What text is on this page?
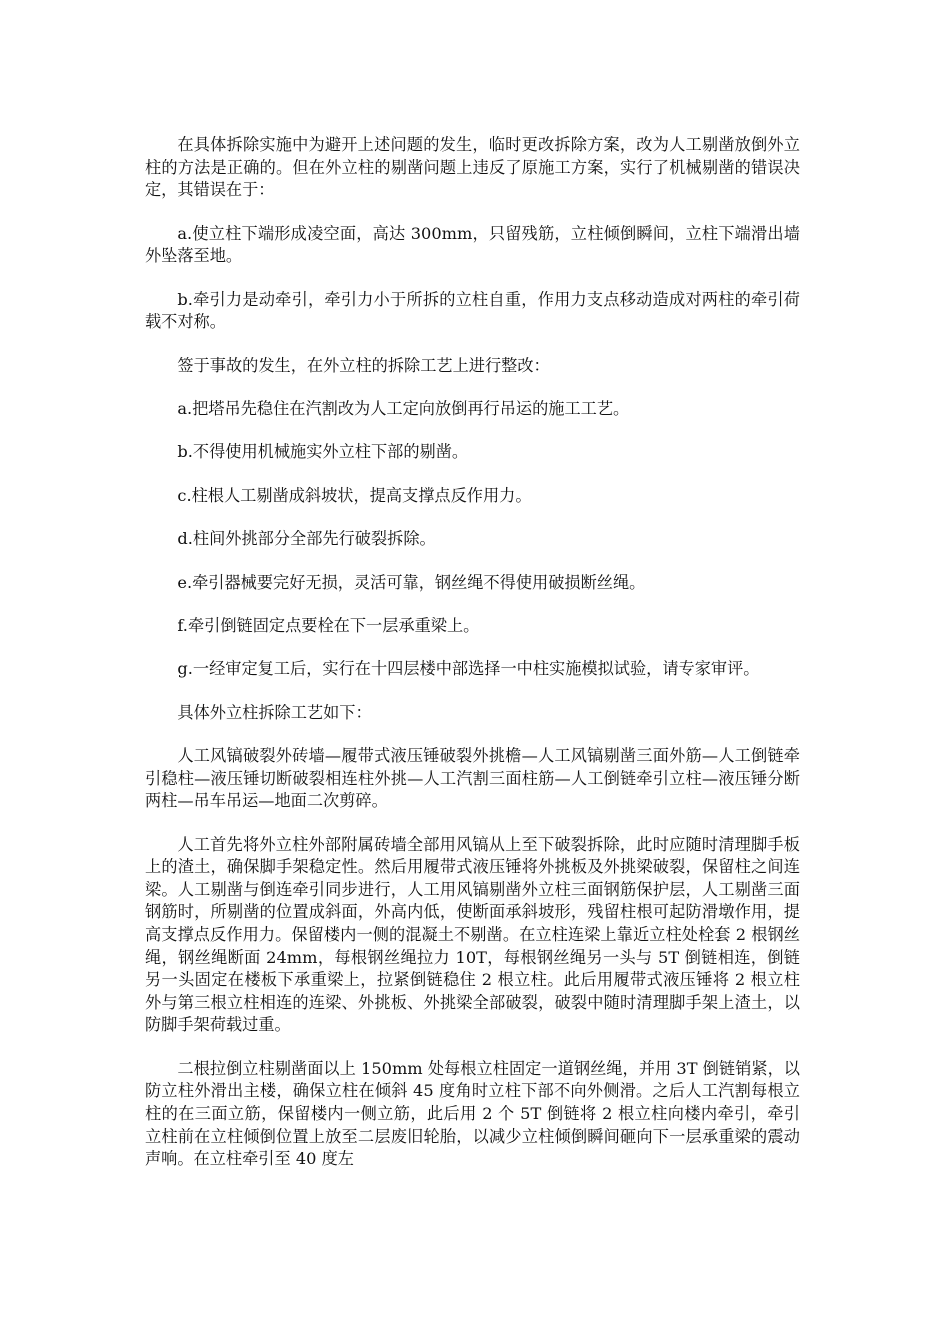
在具体拆除实施中为避开上述问题的发生，临时更改拆除方案，改为人工剔凿放倒外立柱的方法是正确的。但在外立柱的剔凿问题上违反了原施工方案，实行了机械剔凿的错误决定，其错误在于：

a.使立柱下端形成凌空面，高达 300mm，只留残筋，立柱倾倒瞬间，立柱下端滑出墙外坠落至地。

b.牵引力是动牵引，牵引力小于所拆的立柱自重，作用力支点移动造成对两柱的牵引荷载不对称。

签于事故的发生，在外立柱的拆除工艺上进行整改：

a.把塔吊先稳住在汽割改为人工定向放倒再行吊运的施工工艺。

b.不得使用机械施实外立柱下部的剔凿。

c.柱根人工剔凿成斜坡状，提高支撑点反作用力。

d.柱间外挑部分全部先行破裂拆除。

e.牵引器械要完好无损，灵活可靠，钢丝绳不得使用破损断丝绳。

f.牵引倒链固定点要栓在下一层承重梁上。

g.一经审定复工后，实行在十四层楼中部选择一中柱实施模拟试验，请专家审评。

具体外立柱拆除工艺如下：

人工风镐破裂外砖墙—履带式液压锤破裂外挑檐—人工风镐剔凿三面外筋—人工倒链牵引稳柱—液压锤切断破裂相连柱外挑—人工汽割三面柱筋—人工倒链牵引立柱—液压锤分断两柱—吊车吊运—地面二次剪碎。

人工首先将外立柱外部附属砖墙全部用风镐从上至下破裂拆除，此时应随时清理脚手板上的渣土，确保脚手架稳定性。然后用履带式液压锤将外挑板及外挑梁破裂，保留柱之间连梁。人工剔凿与倒连牵引同步进行，人工用风镐剔凿外立柱三面钢筋保护层，人工剔凿三面钢筋时，所剔凿的位置成斜面，外高内低，使断面承斜坡形，残留柱根可起防滑墩作用，提高支撑点反作用力。保留楼内一侧的混凝土不剔凿。在立柱连梁上靠近立柱处栓套 2 根钢丝绳，钢丝绳断面 24mm，每根钢丝绳拉力 10T，每根钢丝绳另一头与 5T 倒链相连，倒链另一头固定在楼板下承重梁上，拉紧倒链稳住 2 根立柱。此后用履带式液压锤将 2 根立柱外与第三根立柱相连的连梁、外挑板、外挑梁全部破裂，破裂中随时清理脚手架上渣土，以防脚手架荷载过重。

二根拉倒立柱剔凿面以上 150mm 处每根立柱固定一道钢丝绳，并用 3T 倒链销紧，以防立柱外滑出主楼，确保立柱在倾斜 45 度角时立柱下部不向外侧滑。之后人工汽割每根立柱的在三面立筋，保留楼内一侧立筋，此后用 2 个 5T 倒链将 2 根立柱向楼内牵引，牵引立柱前在立柱倾倒位置上放至二层废旧轮胎，以减少立柱倾倒瞬间砸向下一层承重梁的震动声响。在立柱牵引至 40 度左
